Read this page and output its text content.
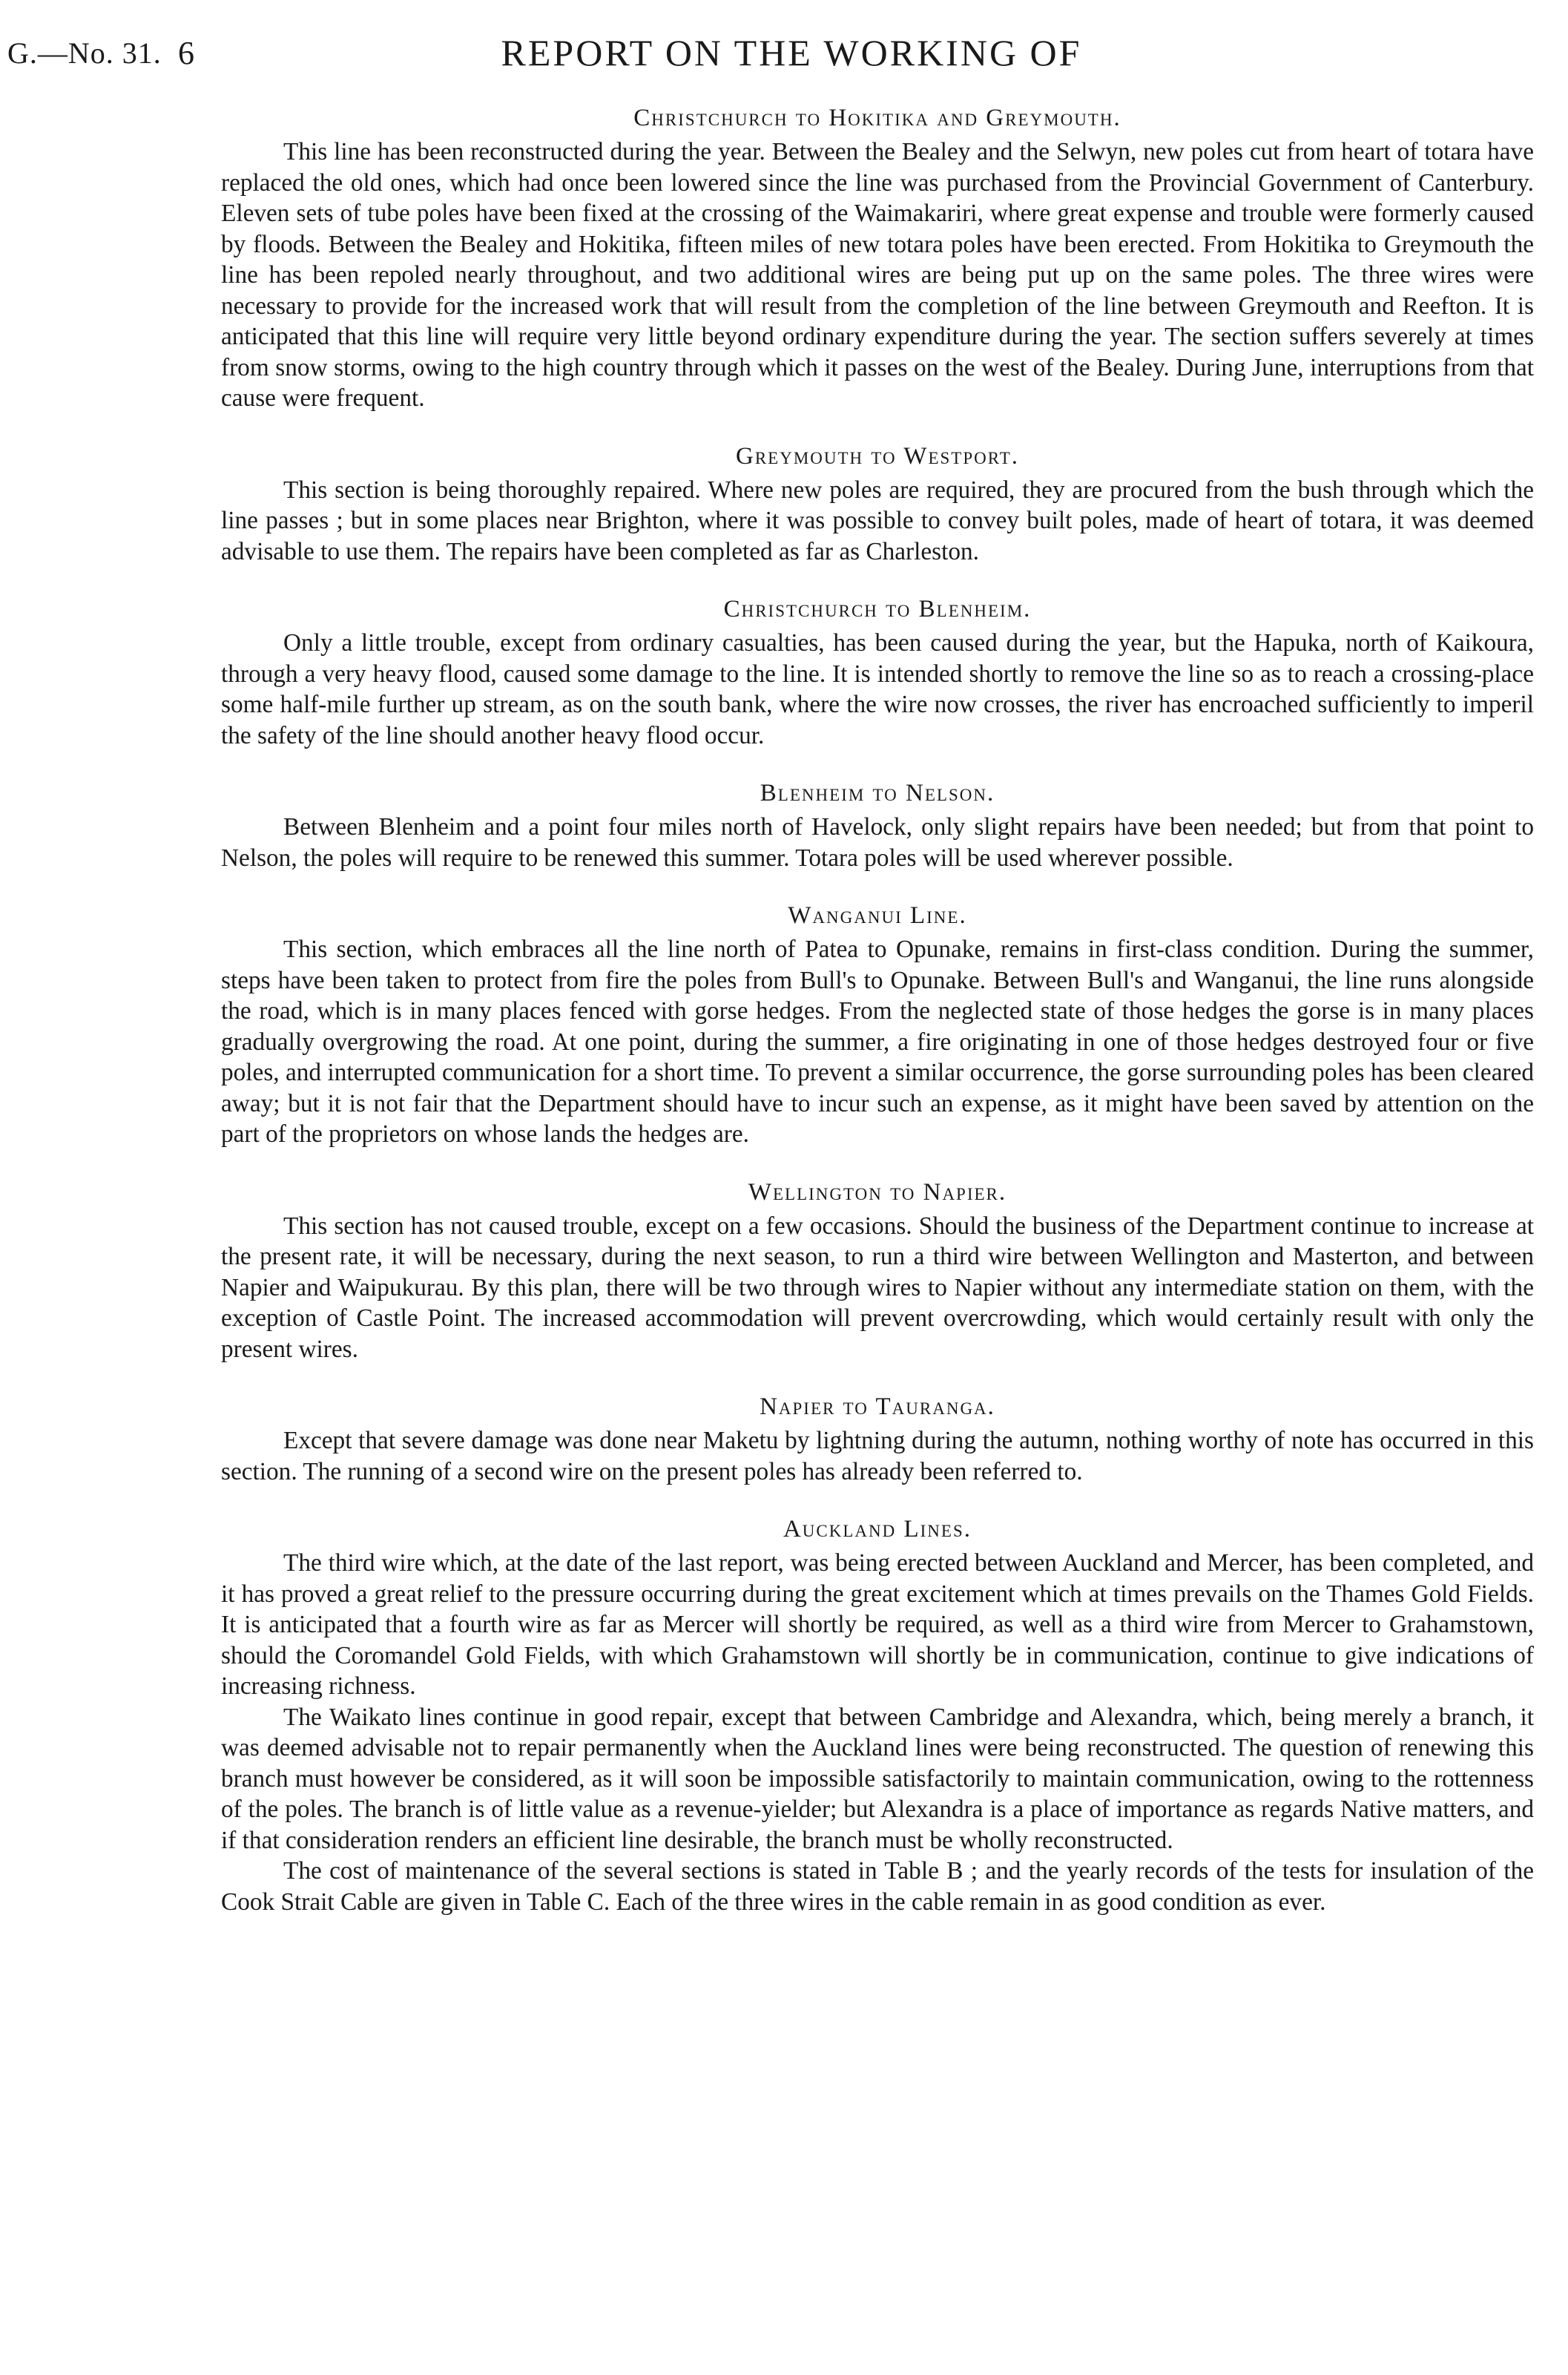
G.—No. 31. 6	REPORT ON THE WORKING OF
Christchurch to Hokitika and Greymouth.

This line has been reconstructed during the year. Between the Bealey and the Selwyn, new poles cut from heart of totara have replaced the old ones, which had once been lowered since the line was purchased from the Provincial Government of Canterbury. Eleven sets of tube poles have been fixed at the crossing of the Waimakariri, where great expense and trouble were formerly caused by floods. Between the Bealey and Hokitika, fifteen miles of new totara poles have been erected. From Hokitika to Greymouth the line has been repoled nearly throughout, and two additional wires are being put up on the same poles. The three wires were necessary to provide for the increased work that will result from the completion of the line between Greymouth and Reefton. It is anticipated that this line will require very little beyond ordinary expenditure during the year. The section suffers severely at times from snow storms, owing to the high country through which it passes on the west of the Bealey. During June, interruptions from that cause were frequent.

Greymouth to Westport.

This section is being thoroughly repaired. Where new poles are required, they are procured from the bush through which the line passes ; but in some places near Brighton, where it was possible to convey built poles, made of heart of totara, it was deemed advisable to use them. The repairs have been completed as far as Charleston.

Christchurch to Blenheim.

Only a little trouble, except from ordinary casualties, has been caused during the year, but the Hapuka, north of Kaikoura, through a very heavy flood, caused some damage to the line. It is intended shortly to remove the line so as to reach a crossing-place some half-mile further up stream, as on the south bank, where the wire now crosses, the river has encroached sufficiently to imperil the safety of the line should another heavy flood occur.

Blenheim to Nelson.

Between Blenheim and a point four miles north of Havelock, only slight repairs have been needed; but from that point to Nelson, the poles will require to be renewed this summer. Totara poles will be used wherever possible.

Wanganui Line.

This section, which embraces all the line north of Patea to Opunake, remains in first-class condition. During the summer, steps have been taken to protect from fire the poles from Bull's to Opunake. Between Bull's and Wanganui, the line runs alongside the road, which is in many places fenced with gorse hedges. From the neglected state of those hedges the gorse is in many places gradually overgrowing the road. At one point, during the summer, a fire originating in one of those hedges destroyed four or five poles, and interrupted communication for a short time. To prevent a similar occurrence, the gorse surrounding poles has been cleared away; but it is not fair that the Department should have to incur such an expense, as it might have been saved by attention on the part of the proprietors on whose lands the hedges are.

Wellington to Napier.

This section has not caused trouble, except on a few occasions. Should the business of the Department continue to increase at the present rate, it will be necessary, during the next season, to run a third wire between Wellington and Masterton, and between Napier and Waipukurau. By this plan, there will be two through wires to Napier without any intermediate station on them, with the exception of Castle Point. The increased accommodation will prevent overcrowding, which would certainly result with only the present wires.

Napier to Tauranga.

Except that severe damage was done near Maketu by lightning during the autumn, nothing worthy of note has occurred in this section. The running of a second wire on the present poles has already been referred to.

Auckland Lines.

The third wire which, at the date of the last report, was being erected between Auckland and Mercer, has been completed, and it has proved a great relief to the pressure occurring during the great excitement which at times prevails on the Thames Gold Fields. It is anticipated that a fourth wire as far as Mercer will shortly be required, as well as a third wire from Mercer to Grahamstown, should the Coromandel Gold Fields, with which Grahamstown will shortly be in communication, continue to give indications of increasing richness.

The Waikato lines continue in good repair, except that between Cambridge and Alexandra, which, being merely a branch, it was deemed advisable not to repair permanently when the Auckland lines were being reconstructed. The question of renewing this branch must however be considered, as it will soon be impossible satisfactorily to maintain communication, owing to the rottenness of the poles. The branch is of little value as a revenue-yielder; but Alexandra is a place of importance as regards Native matters, and if that consideration renders an efficient line desirable, the branch must be wholly reconstructed.

The cost of maintenance of the several sections is stated in Table B ; and the yearly records of the tests for insulation of the Cook Strait Cable are given in Table C. Each of the three wires in the cable remain in as good condition as ever.
